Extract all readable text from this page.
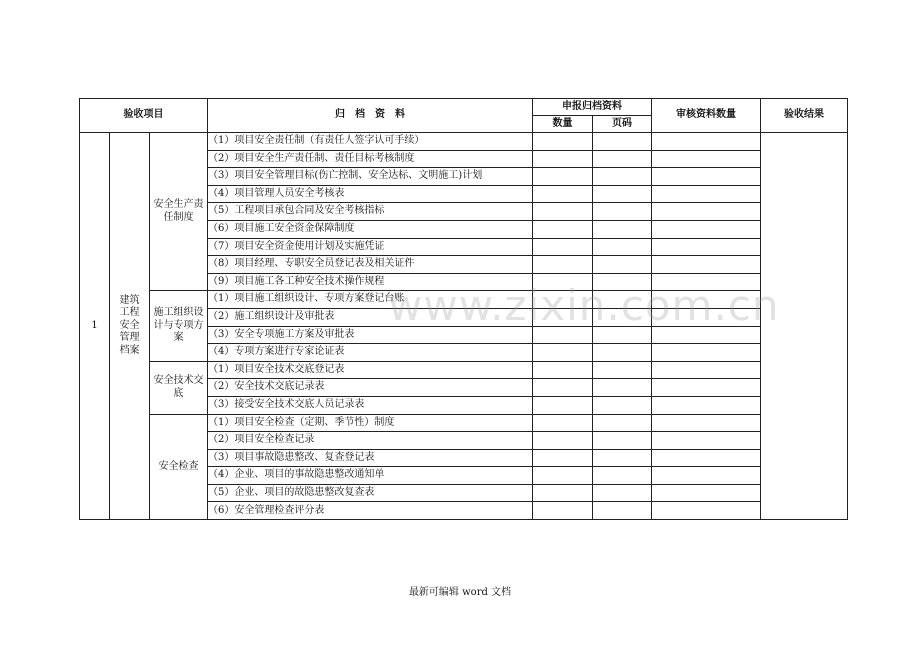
验收项目			归　档　资　料	申报归档资料		审核资料数量	验收结果
				数量	页码		
1	建筑工程安全管理档案	安全生产责任制度	（1）项目安全责任制（有责任人签字认可手续）				
			（2）项目安全生产责任制、责任目标考核制度				
			（3）项目安全管理目标(伤亡控制、安全达标、文明施工)计划				
			（4）项目管理人员安全考核表				
			（5）工程项目承包合同及安全考核指标				
			（6）项目施工安全资金保障制度				
			（7）项目安全资金使用计划及实施凭证				
			（8）项目经理、专职安全员登记表及相关证件				
			（9）项目施工各工种安全技术操作规程				
		施工组织设计与专项方案	（1）项目施工组织设计、专项方案登记台账				
			（2）施工组织设计及审批表				
			（3）安全专项施工方案及审批表				
			（4）专项方案进行专家论证表				
		安全技术交底	（1）项目安全技术交底登记表				
			（2）安全技术交底记录表				
			（3）接受安全技术交底人员记录表				
		安全检查	（1）项目安全检查（定期、季节性）制度				
			（2）项目安全检查记录				
			（3）项目事故隐患整改、复查登记表				
			（4）企业、项目的事故隐患整改通知单				
			（5）企业、项目的故隐患整改复查表				
			（6）安全管理检查评分表				
www.zixin.com.cn
最新可编辑 word 文档
